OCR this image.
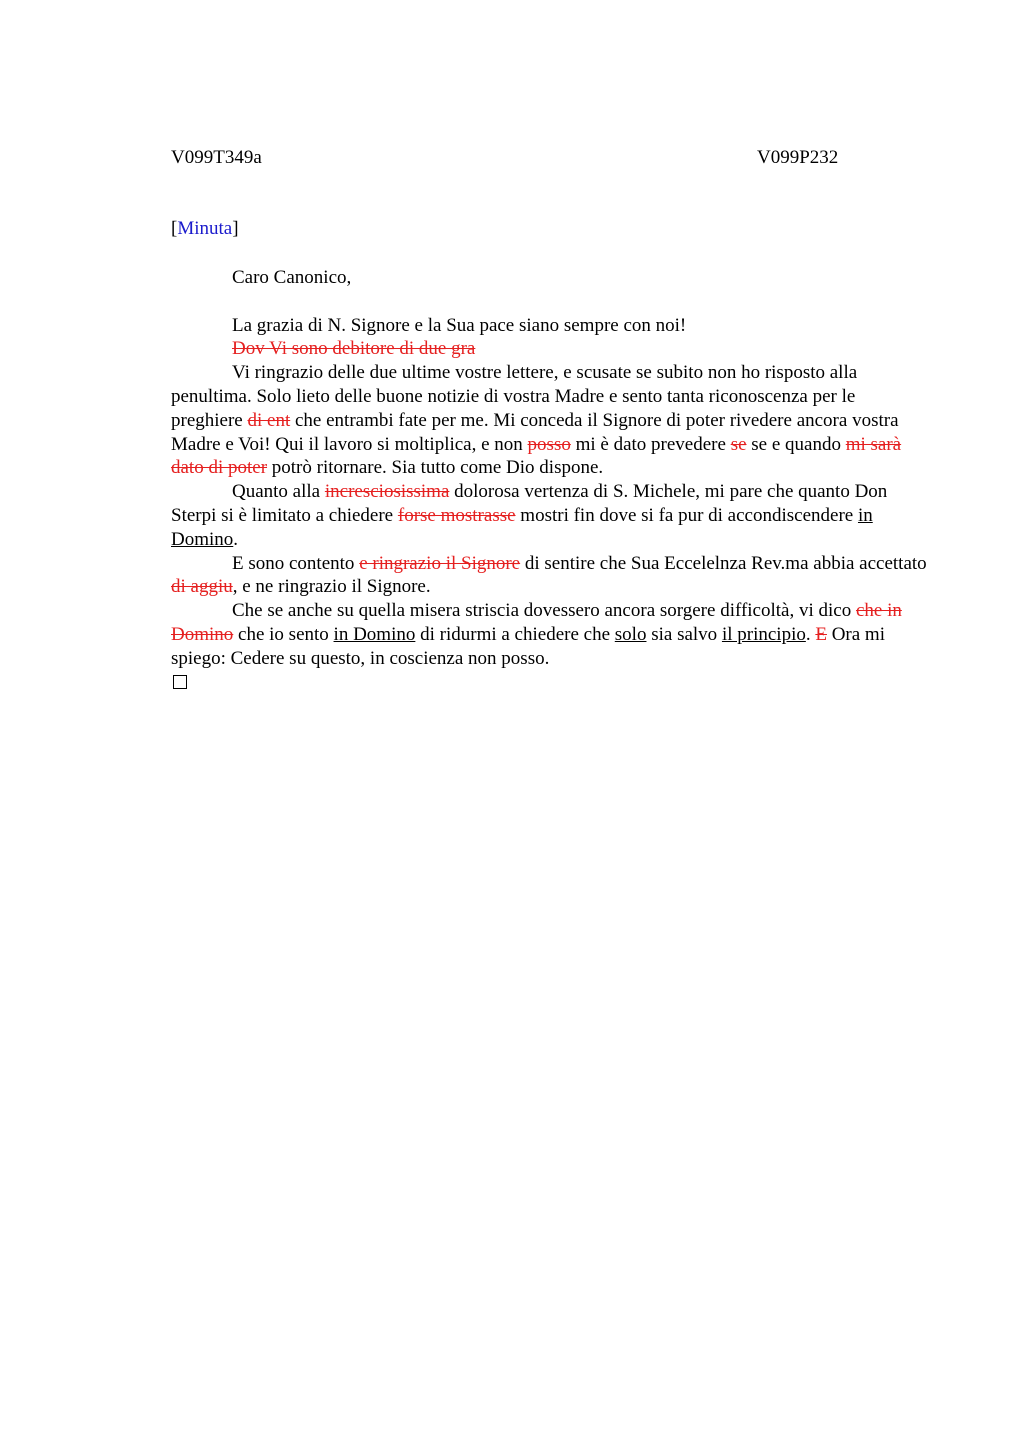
V099T349a	V099P232
[Minuta]

Caro Canonico,

La grazia di N. Signore e la Sua pace siano sempre con noi!

Dov Vi sono debitore di due gra

Vi ringrazio delle due ultime vostre lettere, e scusate se subito non ho risposto alla penultima. Solo lieto delle buone notizie di vostra Madre e sento tanta riconoscenza per le preghiere di ent che entrambi fate per me. Mi conceda il Signore di poter rivedere ancora vostra Madre e Voi! Qui il lavoro si moltiplica, e non posso mi è dato prevedere se se e quando mi sarà dato di poter potrò ritornare. Sia tutto come Dio dispone.

Quanto alla incresciosissima dolorosa vertenza di S. Michele, mi pare che quanto Don Sterpi si è limitato a chiedere forse mostrasse mostri fin dove si fa pur di accondiscendere in Domino.

E sono contento e ringrazio il Signore di sentire che Sua Eccelelnza Rev.ma abbia accettato di aggiu, e ne ringrazio il Signore.

Che se anche su quella misera striscia dovessero ancora sorgere difficoltà, vi dico che in Domino che io sento in Domino di ridurmi a chiedere che solo sia salvo il principio. E Ora mi spiego: Cedere su questo, in coscienza non posso.
